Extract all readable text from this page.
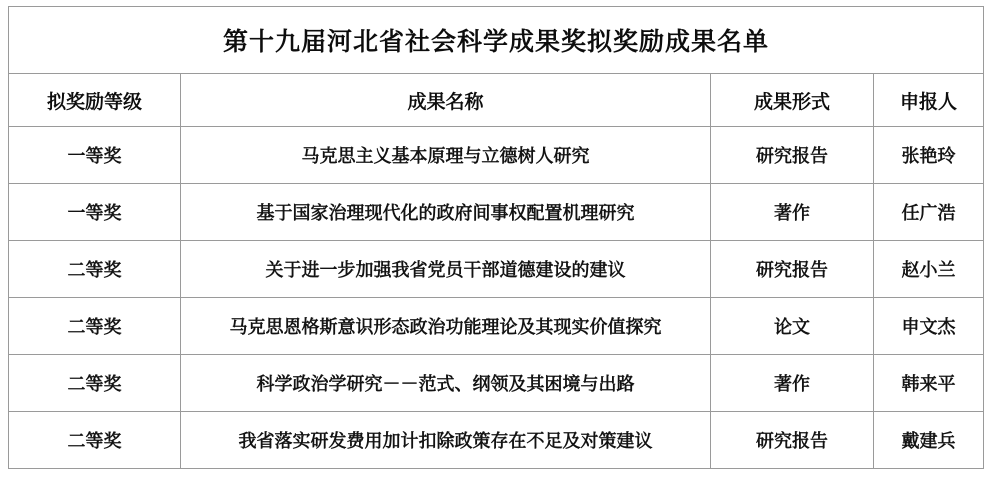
第十九届河北省社会科学成果奖拟奖励成果名单			
拟奖励等级	成果名称	成果形式	申报人
一等奖	马克思主义基本原理与立德树人研究	研究报告	张艳玲
一等奖	基于国家治理现代化的政府间事权配置机理研究	著作	任广浩
二等奖	关于进一步加强我省党员干部道德建设的建议	研究报告	赵小兰
二等奖	马克思恩格斯意识形态政治功能理论及其现实价值探究	论文	申文杰
二等奖	科学政治学研究－－范式、纲领及其困境与出路	著作	韩来平
二等奖	我省落实研发费用加计扣除政策存在不足及对策建议	研究报告	戴建兵
